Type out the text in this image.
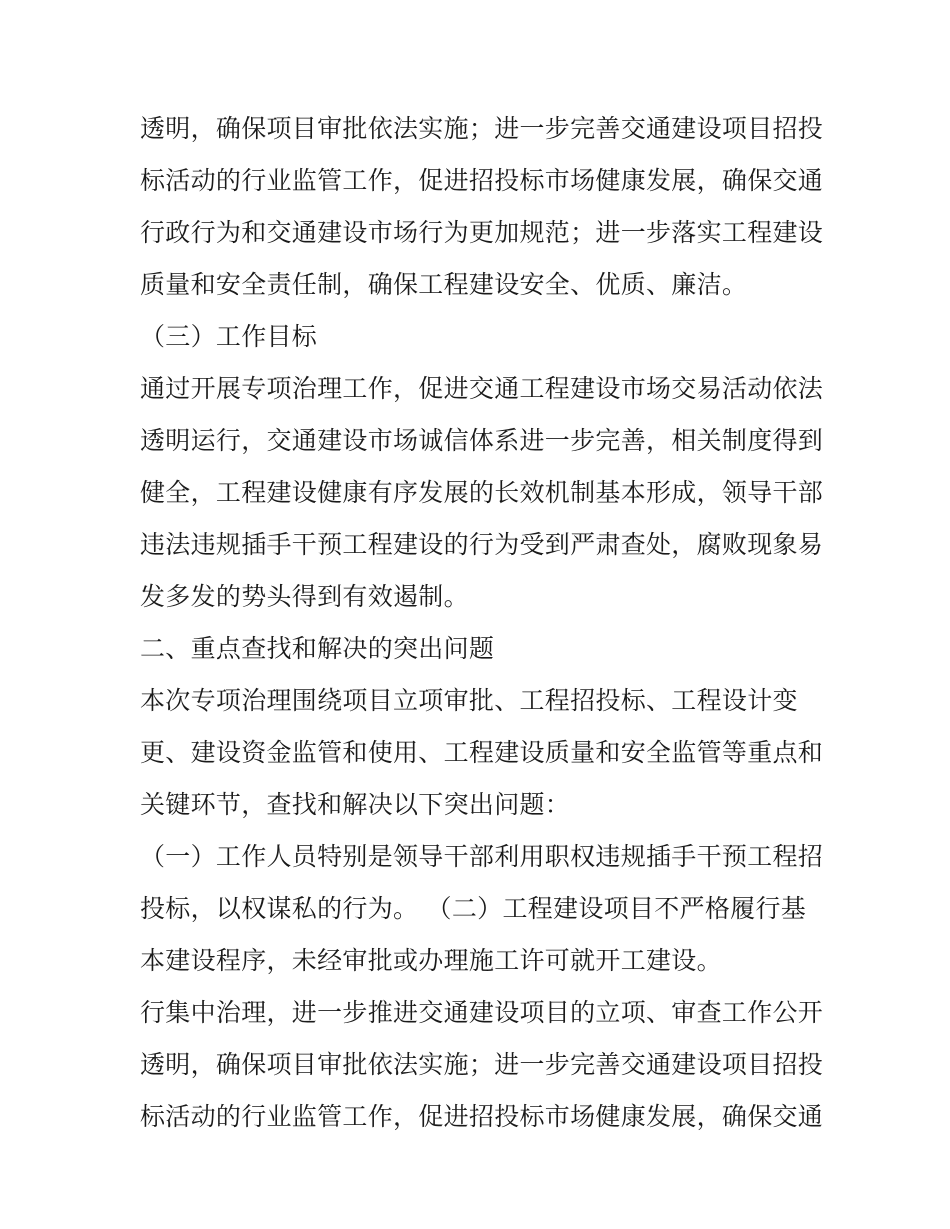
透明，确保项目审批依法实施；进一步完善交通建设项目招投
标活动的行业监管工作，促进招投标市场健康发展，确保交通
行政行为和交通建设市场行为更加规范；进一步落实工程建设
质量和安全责任制，确保工程建设安全、优质、廉洁。
（三）工作目标
通过开展专项治理工作，促进交通工程建设市场交易活动依法
透明运行，交通建设市场诚信体系进一步完善，相关制度得到
健全，工程建设健康有序发展的长效机制基本形成，领导干部
违法违规插手干预工程建设的行为受到严肃查处，腐败现象易
发多发的势头得到有效遏制。
二、重点查找和解决的突出问题
本次专项治理围绕项目立项审批、工程招投标、工程设计变
更、建设资金监管和使用、工程建设质量和安全监管等重点和
关键环节，查找和解决以下突出问题：
（一）工作人员特别是领导干部利用职权违规插手干预工程招
投标，以权谋私的行为。 （二）工程建设项目不严格履行基
本建设程序，未经审批或办理施工许可就开工建设。
行集中治理，进一步推进交通建设项目的立项、审查工作公开
透明，确保项目审批依法实施；进一步完善交通建设项目招投
标活动的行业监管工作，促进招投标市场健康发展，确保交通
